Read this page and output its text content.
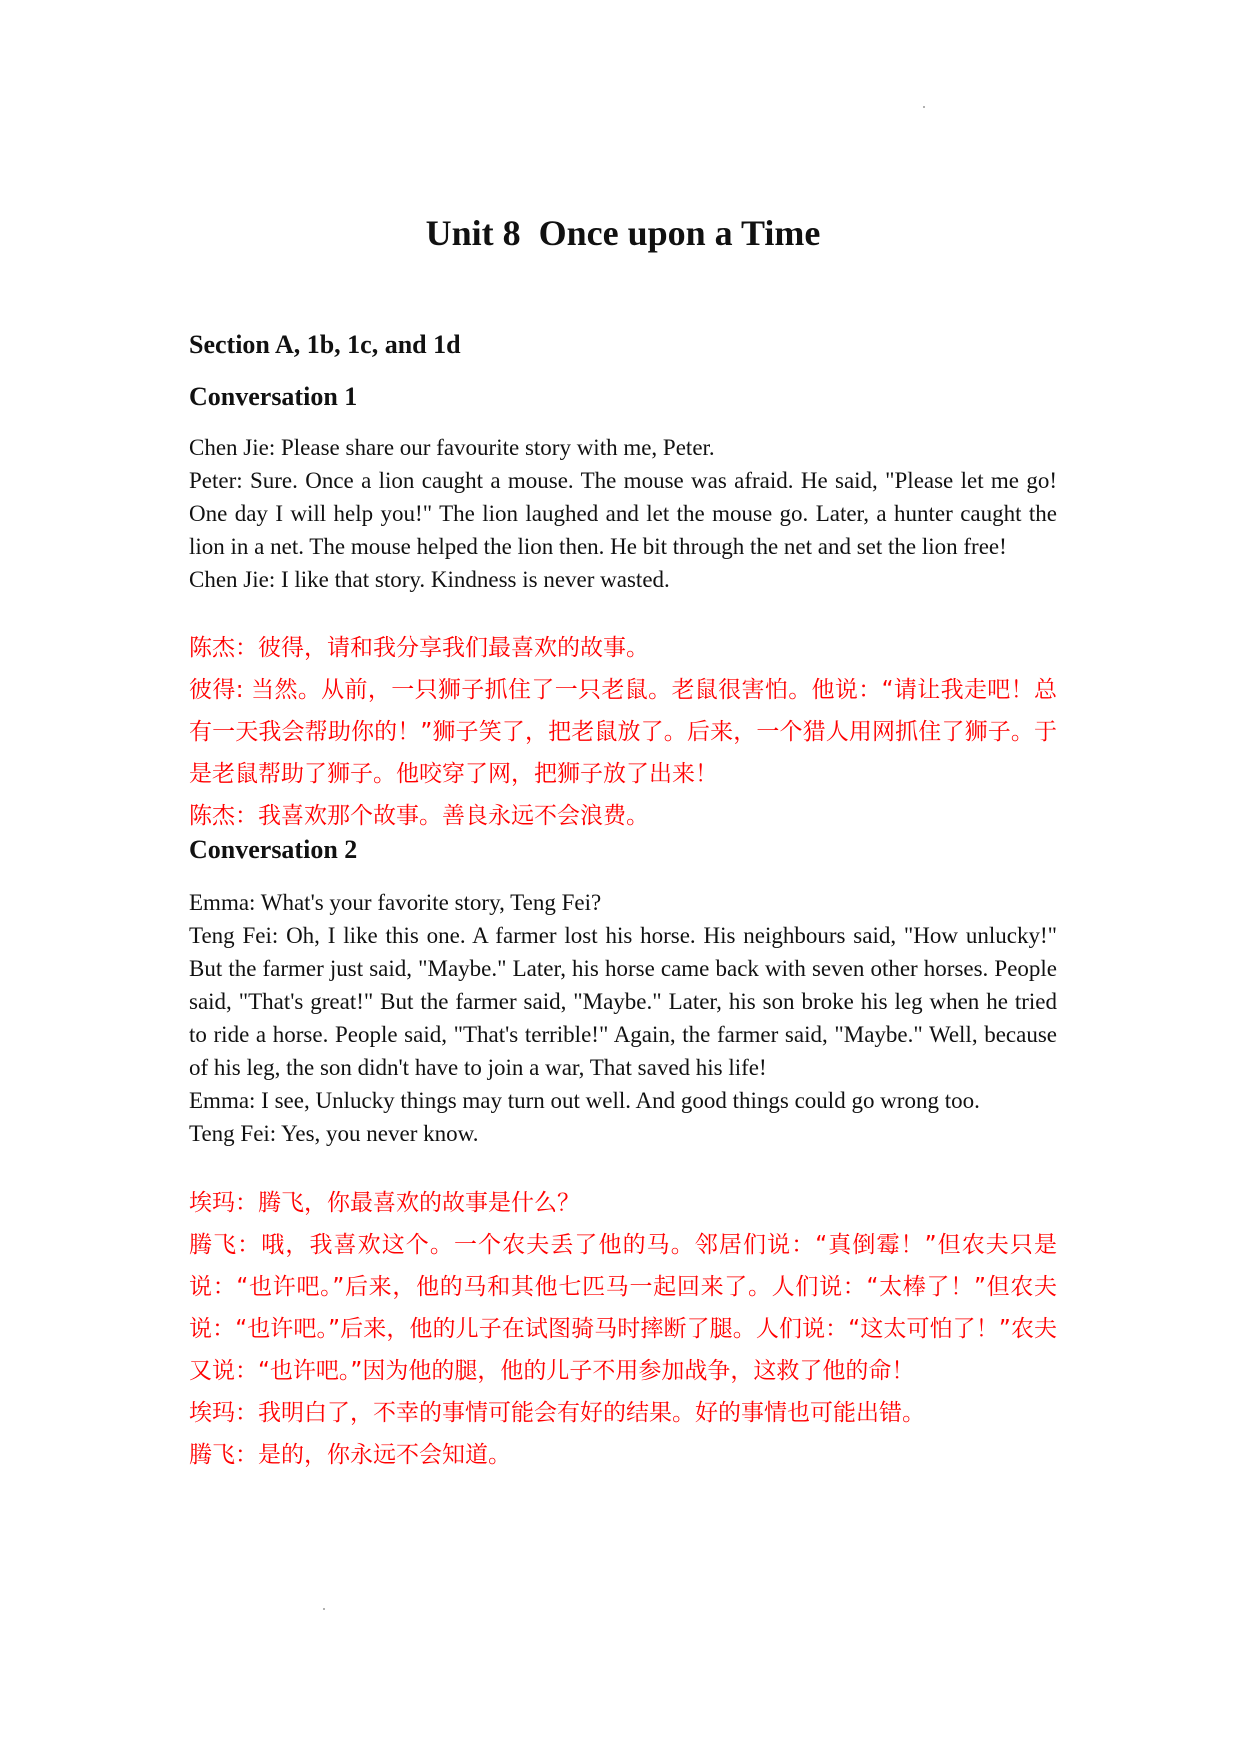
Unit 8  Once upon a Time
Section A, 1b, 1c, and 1d
Conversation 1

Chen Jie: Please share our favourite story with me, Peter.

Peter: Sure. Once a lion caught a mouse. The mouse was afraid. He said, "Please let me go! One day I will help you!" The lion laughed and let the mouse go. Later, a hunter caught the lion in a net. The mouse helped the lion then. He bit through the net and set the lion free!

Chen Jie: I like that story. Kindness is never wasted.

陈杰：彼得，请和我分享我们最喜欢的故事。

彼得: 当然。从前，一只狮子抓住了一只老鼠。老鼠很害怕。他说：“请让我走吧！总有一天我会帮助你的！”狮子笑了，把老鼠放了。后来，一个猎人用网抓住了狮子。于是老鼠帮助了狮子。他咬穿了网，把狮子放了出来！

陈杰：我喜欢那个故事。善良永远不会浪费。

Conversation 2

Emma: What's your favorite story, Teng Fei?

Teng Fei: Oh, I like this one. A farmer lost his horse. His neighbours said, "How unlucky!" But the farmer just said, "Maybe." Later, his horse came back with seven other horses. People said, "That's great!" But the farmer said, "Maybe." Later, his son broke his leg when he tried to ride a horse. People said, "That's terrible!" Again, the farmer said, "Maybe." Well, because of his leg, the son didn't have to join a war, That saved his life!

Emma: I see, Unlucky things may turn out well. And good things could go wrong too.

Teng Fei: Yes, you never know.

埃玛：腾飞，你最喜欢的故事是什么？

腾飞：哦，我喜欢这个。一个农夫丢了他的马。邻居们说：“真倒霉！”但农夫只是说：“也许吧。”后来，他的马和其他七匹马一起回来了。人们说：“太棒了！”但农夫说：“也许吧。”后来，他的儿子在试图骑马时摔断了腿。人们说：“这太可怕了！”农夫又说：“也许吧。”因为他的腿，他的儿子不用参加战争，这救了他的命！

埃玛：我明白了，不幸的事情可能会有好的结果。好的事情也可能出错。

腾飞：是的，你永远不会知道。
